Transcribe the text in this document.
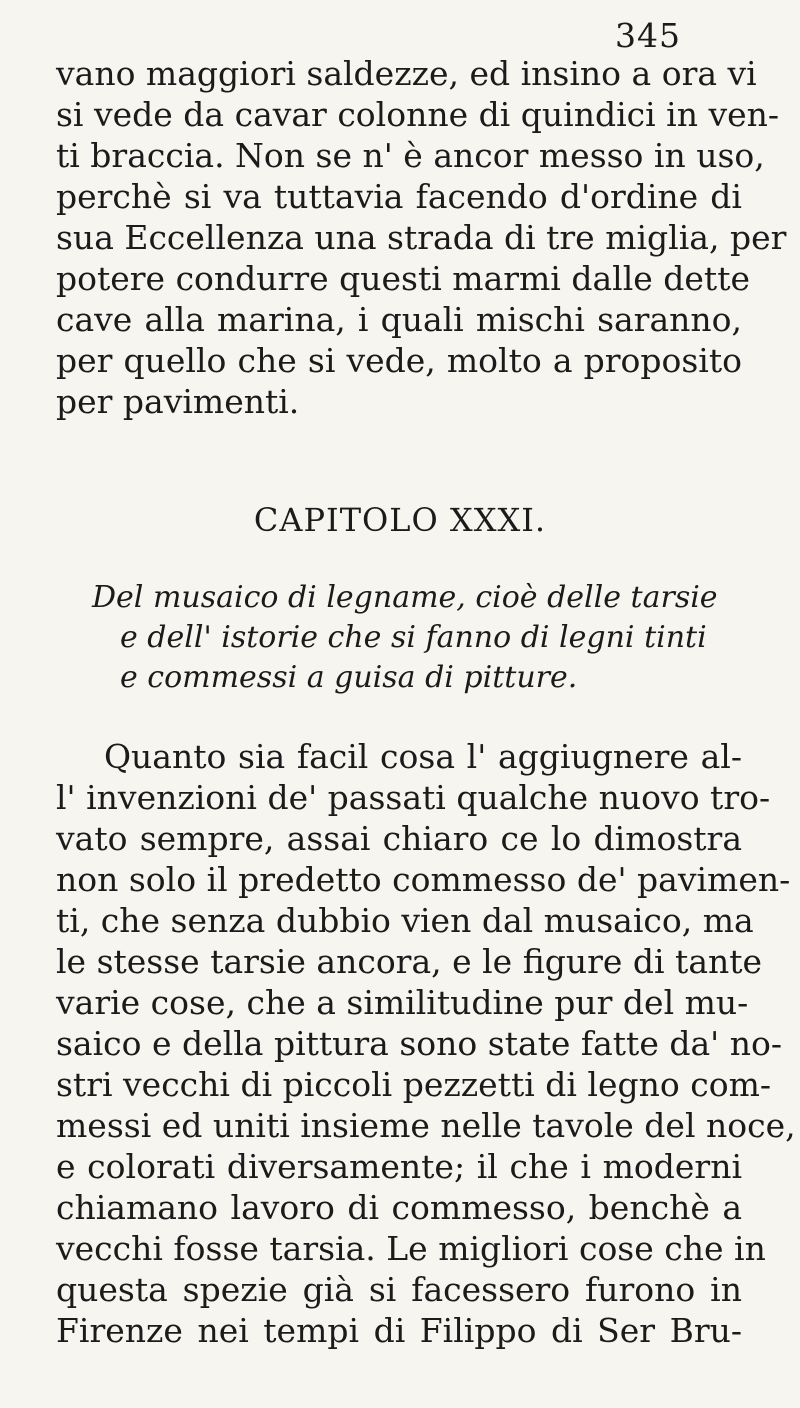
345
vano maggiori saldezze, ed insino a ora vi
si vede da cavar colonne di quindici in ven-
ti braccia. Non se n' è ancor messo in uso,
perchè si va tuttavia facendo d'ordine di
sua Eccellenza una strada di tre miglia, per
potere condurre questi marmi dalle dette
cave alla marina, i quali mischi saranno,
per quello che si vede, molto a proposito
per pavimenti.
CAPITOLO XXXI.
Del musaico di legname, cioè delle tarsie
e dell' istorie che si fanno di legni tinti
e commessi a guisa di pitture.
Quanto sia facil cosa l' aggiugnere al-
l' invenzioni de' passati qualche nuovo tro-
vato sempre, assai chiaro ce lo dimostra
non solo il predetto commesso de' pavimen-
ti, che senza dubbio vien dal musaico, ma
le stesse tarsie ancora, e le figure di tante
varie cose, che a similitudine pur del mu-
saico e della pittura sono state fatte da' no-
stri vecchi di piccoli pezzetti di legno com-
messi ed uniti insieme nelle tavole del noce,
e colorati diversamente; il che i moderni
chiamano lavoro di commesso, benchè a
vecchi fosse tarsia. Le migliori cose che in
questa spezie già si facessero furono in
Firenze nei tempi di Filippo di Ser Bru-
